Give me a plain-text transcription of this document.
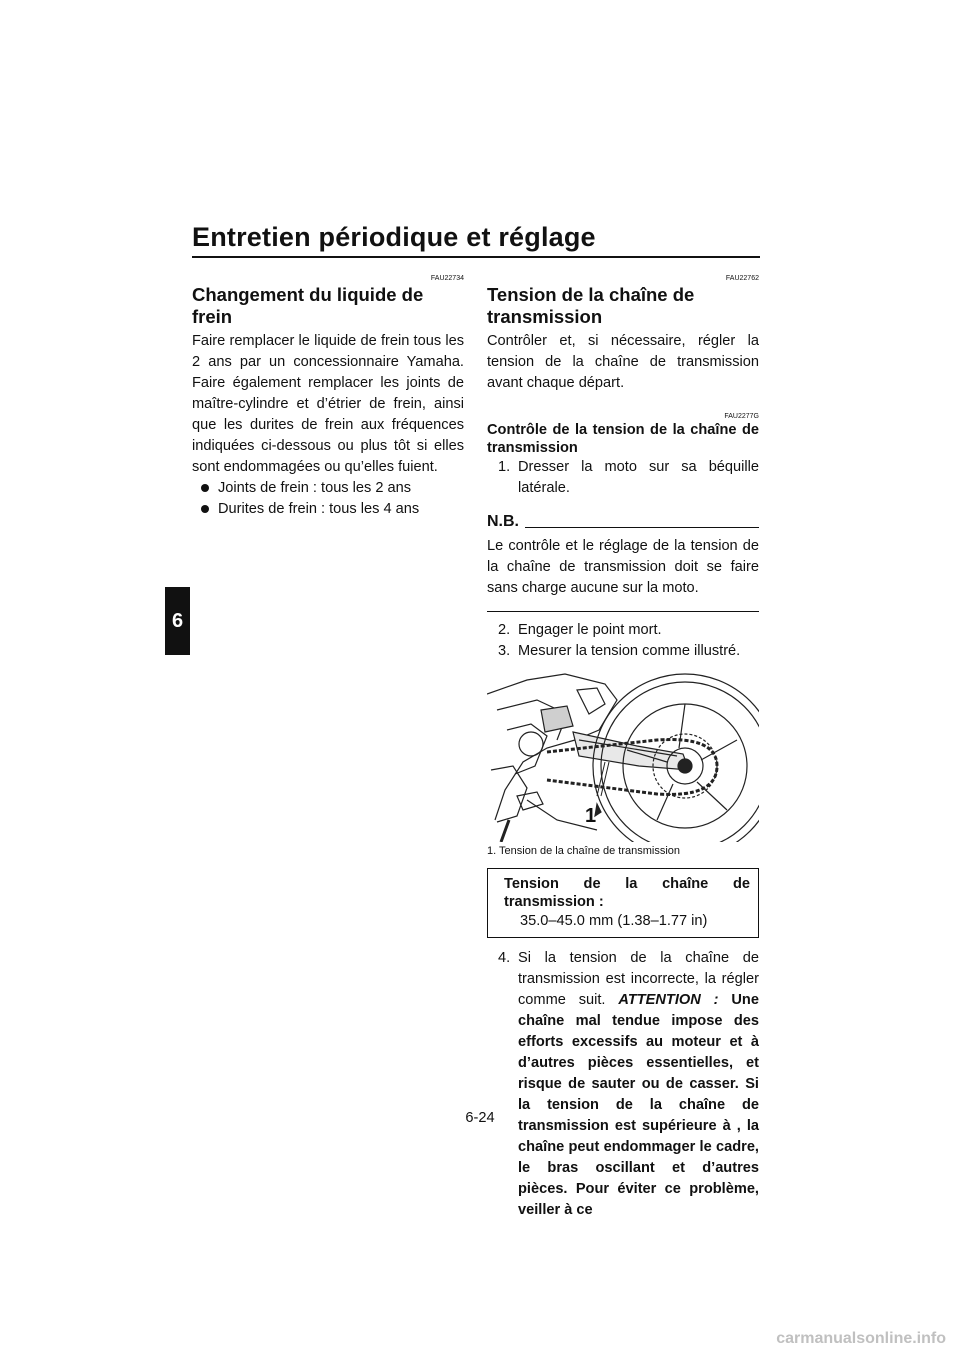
Entretien périodique et réglage
6

FAU22734

Changement du liquide de frein

Faire remplacer le liquide de frein tous les 2 ans par un concessionnaire Yamaha. Faire également remplacer les joints de maître-cylindre et d’étrier de frein, ainsi que les durites de frein aux fréquences indiquées ci-dessous ou plus tôt si elles sont endommagées ou qu’elles fuient.

Joints de frein : tous les 2 ans
Durites de frein : tous les 4 ans

FAU22762

Tension de la chaîne de transmission

Contrôler et, si nécessaire, régler la tension de la chaîne de transmission avant chaque départ.

FAU2277G

Contrôle de la tension de la chaîne de transmission

1. Dresser la moto sur sa béquille latérale.
N.B.

Le contrôle et le réglage de la tension de la chaîne de transmission doit se faire sans charge aucune sur la moto.

2. Engager le point mort.
3. Mesurer la tension comme illustré.
1

1. Tension de la chaîne de transmission

Tension de la chaîne de transmission :

35.0–45.0 mm (1.38–1.77 in)

4. Si la tension de la chaîne de transmission est incorrecte, la régler comme suit. ATTENTION : Une chaîne mal tendue impose des efforts excessifs au moteur et à d’autres pièces essentielles, et risque de sauter ou de casser. Si la tension de la chaîne de transmission est supérieure à , la chaîne peut endommager le cadre, le bras oscillant et d’autres pièces. Pour éviter ce problème, veiller à ce
6-24
carmanualsonline.info
